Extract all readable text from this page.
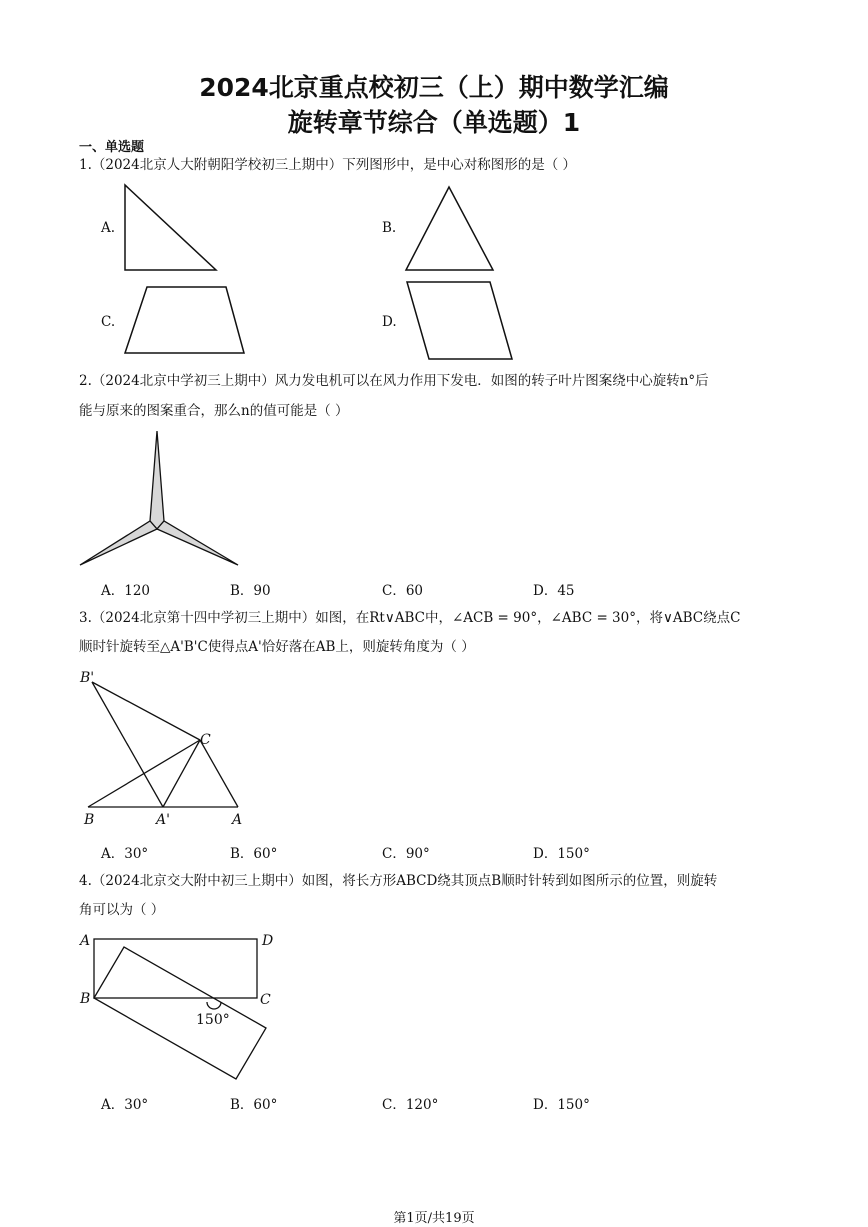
2024北京重点校初三（上）期中数学汇编
旋转章节综合（单选题）1
一、单选题
1.（2024北京人大附朝阳学校初三上期中）下列图形中，是中心对称图形的是（ ）
A.	B.
C.	D.
2.（2024北京中学初三上期中）风力发电机可以在风力作用下发电．如图的转子叶片图案绕中心旋转n°后
能与原来的图案重合，那么n的值可能是（ ）
A．120	B．90	C．60	D．45
3.（2024北京第十四中学初三上期中）如图，在Rt∨ABC中，∠ACB = 90°，∠ABC = 30°，将∨ABC绕点C
顺时针旋转至△A'B'C使得点A'恰好落在AB上，则旋转角度为（ ）
B'
C
B	A'	A
A．30°	B．60°	C．90°	D．150°
4.（2024北京交大附中初三上期中）如图，将长方形ABCD绕其顶点B顺时针转到如图所示的位置，则旋转
角可以为（ ）
A	D
B	C
150°
A．30°	B．60°	C．120°	D．150°
第1页/共19页
